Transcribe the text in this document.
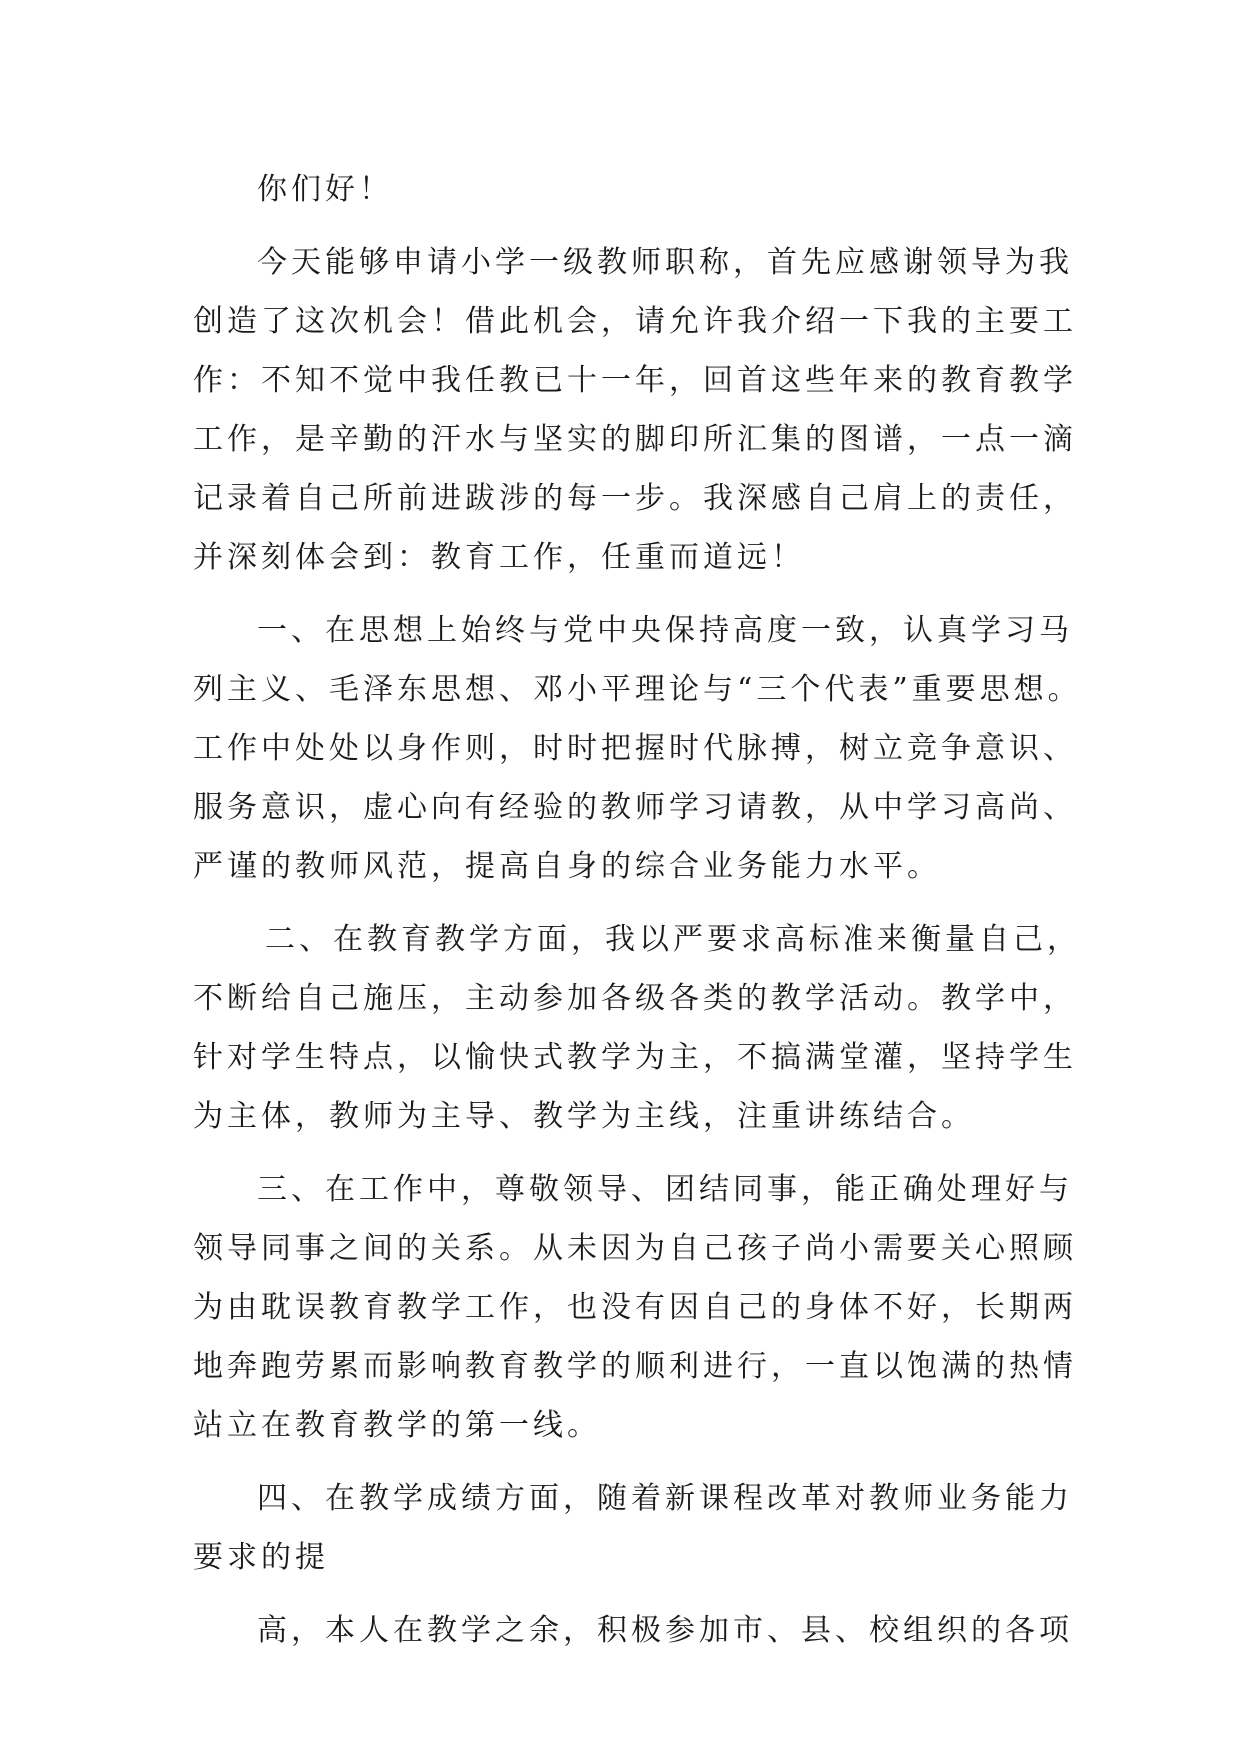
你们好！
今天能够申请小学一级教师职称，首先应感谢领导为我
创造了这次机会！借此机会，请允许我介绍一下我的主要工
作：不知不觉中我任教已十一年，回首这些年来的教育教学
工作，是辛勤的汗水与坚实的脚印所汇集的图谱，一点一滴
记录着自己所前进跋涉的每一步。我深感自己肩上的责任，
并深刻体会到：教育工作，任重而道远！
一、在思想上始终与党中央保持高度一致，认真学习马
列主义、毛泽东思想、邓小平理论与“三个代表”重要思想。
工作中处处以身作则，时时把握时代脉搏，树立竞争意识、
服务意识，虚心向有经验的教师学习请教，从中学习高尚、
严谨的教师风范，提高自身的综合业务能力水平。
二、在教育教学方面，我以严要求高标准来衡量自己，
不断给自己施压，主动参加各级各类的教学活动。教学中，
针对学生特点，以愉快式教学为主，不搞满堂灌，坚持学生
为主体，教师为主导、教学为主线，注重讲练结合。
三、在工作中，尊敬领导、团结同事，能正确处理好与
领导同事之间的关系。从未因为自己孩子尚小需要关心照顾
为由耽误教育教学工作，也没有因自己的身体不好，长期两
地奔跑劳累而影响教育教学的顺利进行，一直以饱满的热情
站立在教育教学的第一线。
四、在教学成绩方面，随着新课程改革对教师业务能力
要求的提
高，本人在教学之余，积极参加市、县、校组织的各项
